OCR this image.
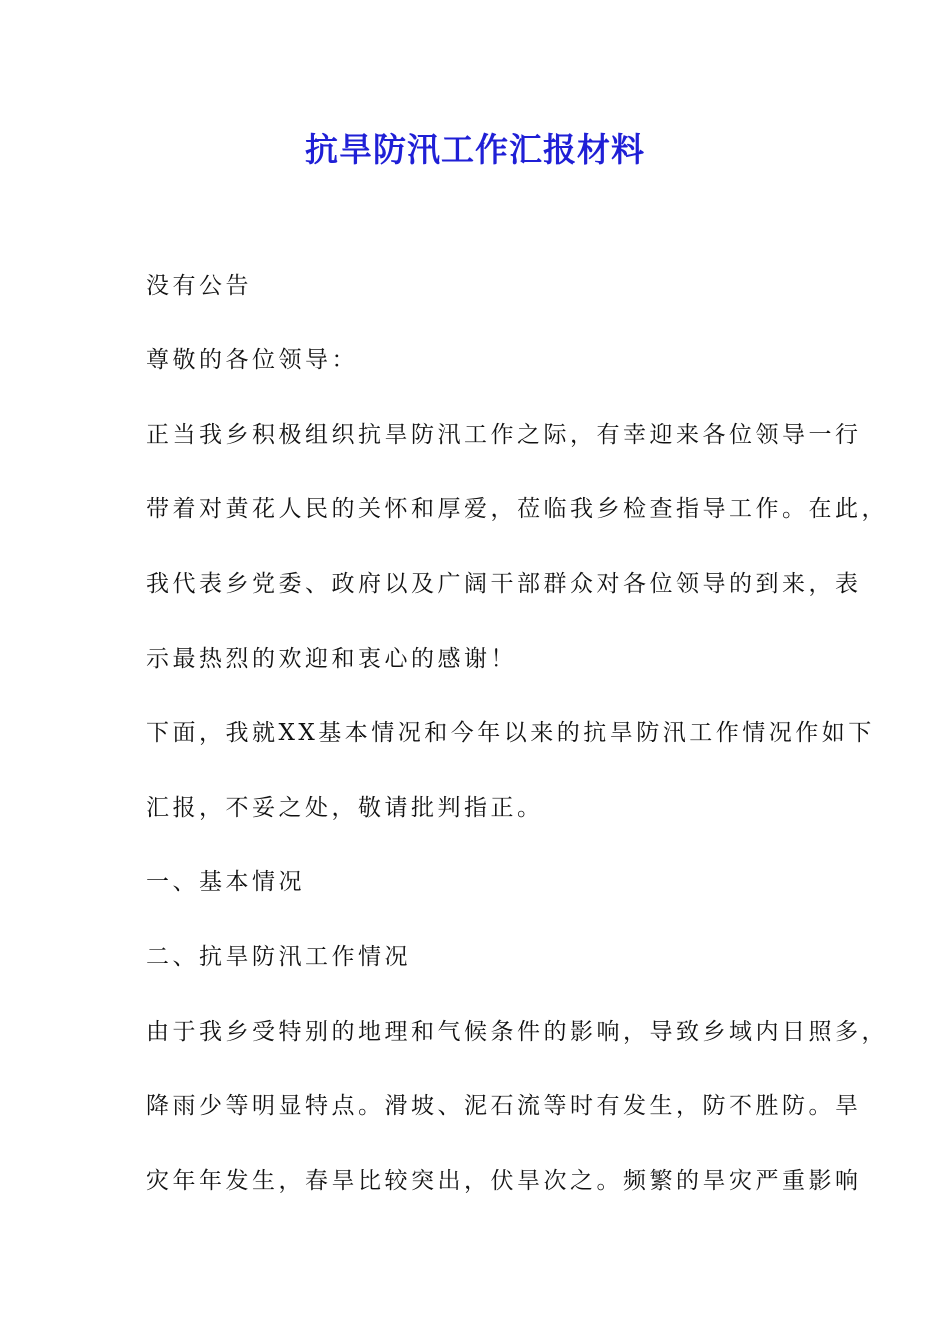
抗旱防汛工作汇报材料
没有公告
尊敬的各位领导：
正当我乡积极组织抗旱防汛工作之际，有幸迎来各位领导一行
带着对黄花人民的关怀和厚爱，莅临我乡检查指导工作。在此，
我代表乡党委、政府以及广阔干部群众对各位领导的到来，表
示最热烈的欢迎和衷心的感谢！
下面，我就XX基本情况和今年以来的抗旱防汛工作情况作如下
汇报，不妥之处，敬请批判指正。
一、基本情况
二、抗旱防汛工作情况
由于我乡受特别的地理和气候条件的影响，导致乡域内日照多，
降雨少等明显特点。滑坡、泥石流等时有发生，防不胜防。旱
灾年年发生，春旱比较突出，伏旱次之。频繁的旱灾严重影响
